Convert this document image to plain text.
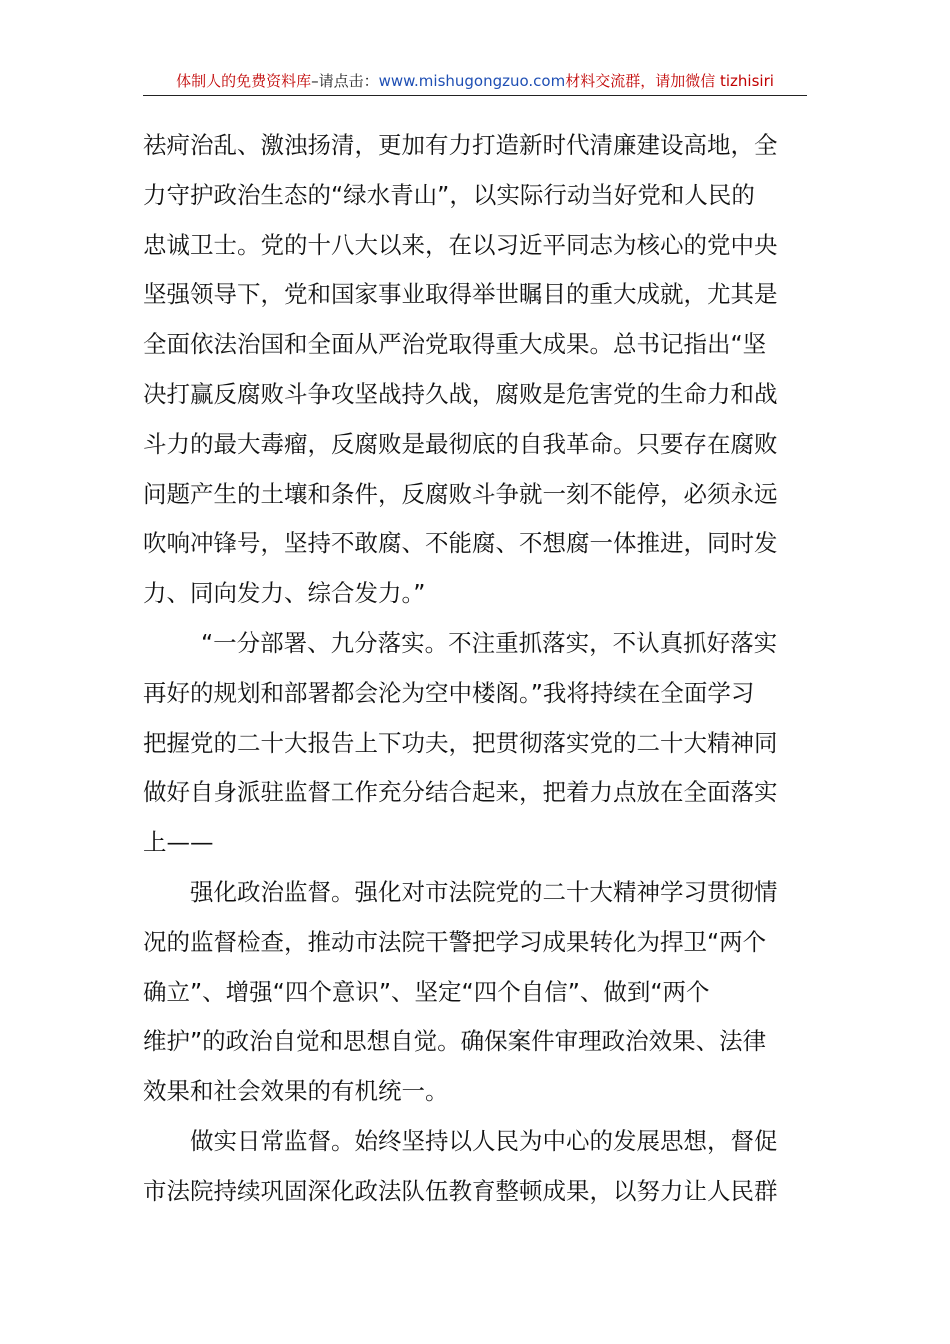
体制人的免费资料库–请点击：www.mishugongzuo.com材料交流群，请加微信 tizhisiri

祛疴治乱、激浊扬清，更加有力打造新时代清廉建设高地，全
力守护政治生态的“绿水青山”，以实际行动当好党和人民的
忠诚卫士。党的十八大以来，在以习近平同志为核心的党中央
坚强领导下，党和国家事业取得举世瞩目的重大成就，尤其是
全面依法治国和全面从严治党取得重大成果。总书记指出“坚
决打赢反腐败斗争攻坚战持久战，腐败是危害党的生命力和战
斗力的最大毒瘤，反腐败是最彻底的自我革命。只要存在腐败
问题产生的土壤和条件，反腐败斗争就一刻不能停，必须永远
吹响冲锋号，坚持不敢腐、不能腐、不想腐一体推进，同时发
力、同向发力、综合发力。”

“一分部署、九分落实。不注重抓落实，不认真抓好落实
再好的规划和部署都会沦为空中楼阁。”我将持续在全面学习
把握党的二十大报告上下功夫，把贯彻落实党的二十大精神同
做好自身派驻监督工作充分结合起来，把着力点放在全面落实
上——

强化政治监督。强化对市法院党的二十大精神学习贯彻情
况的监督检查，推动市法院干警把学习成果转化为捍卫“两个
确立”、增强“四个意识”、坚定“四个自信”、做到“两个
维护”的政治自觉和思想自觉。确保案件审理政治效果、法律
效果和社会效果的有机统一。

做实日常监督。始终坚持以人民为中心的发展思想，督促
市法院持续巩固深化政法队伍教育整顿成果，以努力让人民群
